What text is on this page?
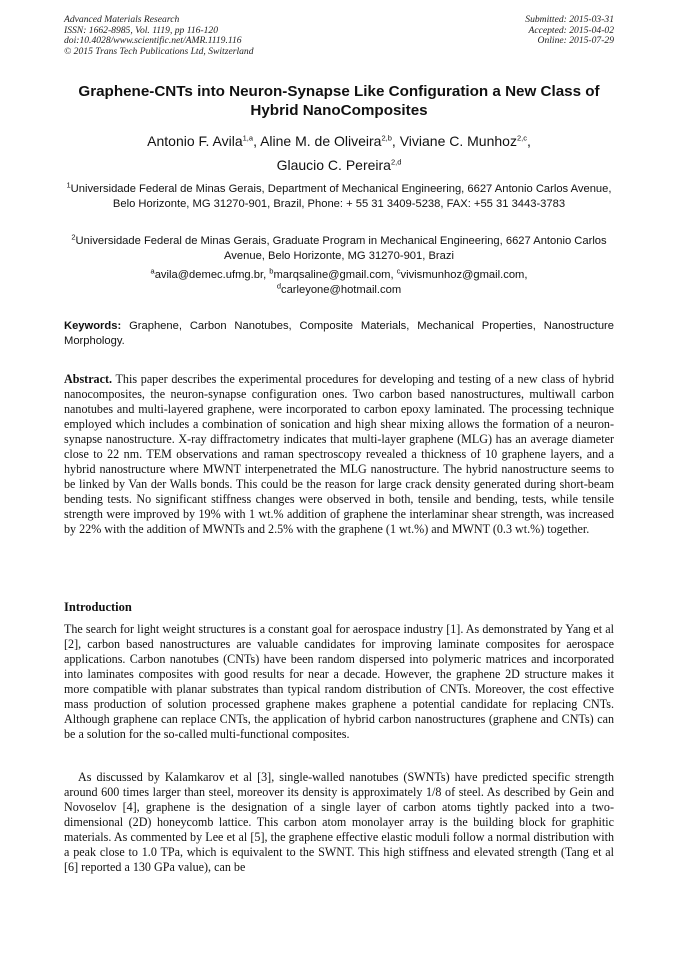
Advanced Materials Research
ISSN: 1662-8985, Vol. 1119, pp 116-120
doi:10.4028/www.scientific.net/AMR.1119.116
© 2015 Trans Tech Publications Ltd, Switzerland
Submitted: 2015-03-31
Accepted: 2015-04-02
Online: 2015-07-29
Graphene-CNTs into Neuron-Synapse Like Configuration a New Class of Hybrid NanoComposites
Antonio F. Avila$^{1,a}$, Aline M. de Oliveira$^{2,b}$, Viviane C. Munhoz$^{2,c}$,
Glaucio C. Pereira$^{2,d}$
$^1$Universidade Federal de Minas Gerais, Department of Mechanical Engineering, 6627 Antonio Carlos Avenue, Belo Horizonte, MG 31270-901, Brazil, Phone: + 55 31 3409-5238, FAX: +55 31 3443-3783
$^2$Universidade Federal de Minas Gerais, Graduate Program in Mechanical Engineering, 6627 Antonio Carlos Avenue, Belo Horizonte, MG 31270-901, Brazi
$^a$avila@demec.ufmg.br, $^b$marqsaline@gmail.com, $^c$vivismunhoz@gmail.com,
$^d$carleyone@hotmail.com
Keywords: Graphene, Carbon Nanotubes, Composite Materials, Mechanical Properties, Nanostructure Morphology.

Abstract. This paper describes the experimental procedures for developing and testing of a new class of hybrid nanocomposites, the neuron-synapse configuration ones. Two carbon based nanostructures, multiwall carbon nanotubes and multi-layered graphene, were incorporated to carbon epoxy laminated. The processing technique employed which includes a combination of sonication and high shear mixing allows the formation of a neuron-synapse nanostructure. X-ray diffractometry indicates that multi-layer graphene (MLG) has an average diameter close to 22 nm. TEM observations and raman spectroscopy revealed a thickness of 10 graphene layers, and a hybrid nanostructure where MWNT interpenetrated the MLG nanostructure. The hybrid nanostructure seems to be linked by Van der Walls bonds. This could be the reason for large crack density generated during short-beam bending tests. No significant stiffness changes were observed in both, tensile and bending, tests, while tensile strength were improved by 19% with 1 wt.% addition of graphene the interlaminar shear strength, was increased by 22% with the addition of MWNTs and 2.5% with the graphene (1 wt.%) and MWNT (0.3 wt.%) together.

Introduction

The search for light weight structures is a constant goal for aerospace industry [1]. As demonstrated by Yang et al [2], carbon based nanostructures are valuable candidates for improving laminate composites for aerospace applications. Carbon nanotubes (CNTs) have been random dispersed into polymeric matrices and incorporated into laminates composites with good results for near a decade. However, the graphene 2D structure makes it more compatible with planar substrates than typical random distribution of CNTs. Moreover, the cost effective mass production of solution processed graphene makes graphene a potential candidate for replacing CNTs. Although graphene can replace CNTs, the application of hybrid carbon nanostructures (graphene and CNTs) can be a solution for the so-called multi-functional composites.

As discussed by Kalamkarov et al [3], single-walled nanotubes (SWNTs) have predicted specific strength around 600 times larger than steel, moreover its density is approximately 1/8 of steel. As described by Gein and Novoselov [4], graphene is the designation of a single layer of carbon atoms tightly packed into a two-dimensional (2D) honeycomb lattice. This carbon atom monolayer array is the building block for graphitic materials. As commented by Lee et al [5], the graphene effective elastic moduli follow a normal distribution with a peak close to 1.0 TPa, which is equivalent to the SWNT. This high stiffness and elevated strength (Tang et al [6] reported a 130 GPa value), can be
